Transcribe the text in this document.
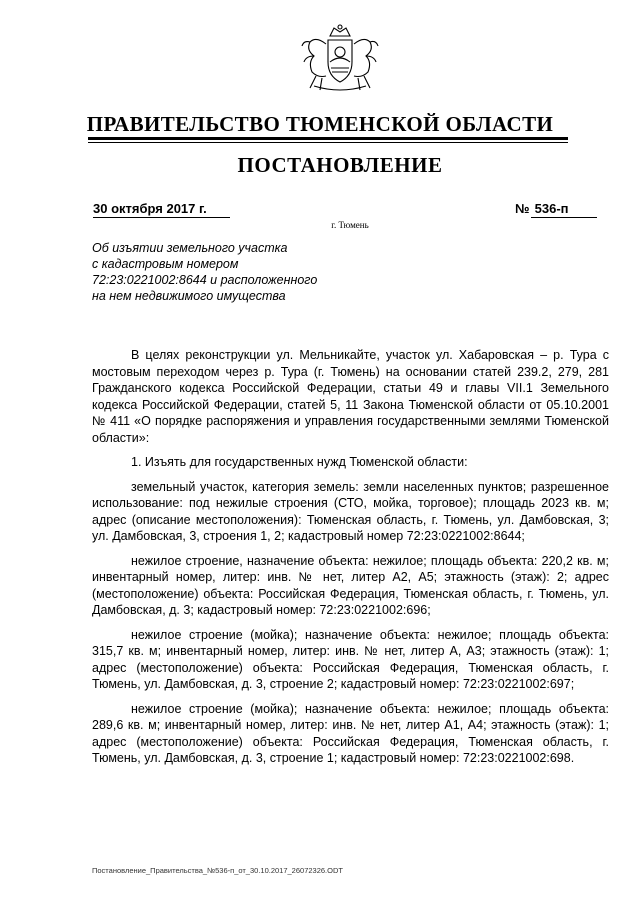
ПРАВИТЕЛЬСТВО ТЮМЕНСКОЙ ОБЛАСТИ
ПОСТАНОВЛЕНИЕ
30 октября 2017 г.	№ 536-п
г. Тюмень
Об изъятии земельного участка
с кадастровым номером
72:23:0221002:8644 и расположенного
на нем недвижимого имущества

В целях реконструкции ул. Мельникайте, участок ул. Хабаровская – р. Тура с мостовым переходом через р. Тура (г. Тюмень) на основании статей 239.2, 279, 281 Гражданского кодекса Российской Федерации, статьи 49 и главы VII.1 Земельного кодекса Российской Федерации, статей 5, 11 Закона Тюменской области от 05.10.2001 № 411 «О порядке распоряжения и управления государственными землями Тюменской области»:

1. Изъять для государственных нужд Тюменской области:

земельный участок, категория земель: земли населенных пунктов; разрешенное использование: под нежилые строения (СТО, мойка, торговое); площадь 2023 кв. м; адрес (описание местоположения): Тюменская область, г. Тюмень, ул. Дамбовская, 3; ул. Дамбовская, 3, строения 1, 2; кадастровый номер 72:23:0221002:8644;

нежилое строение, назначение объекта: нежилое; площадь объекта: 220,2 кв. м; инвентарный номер, литер: инв. № нет, литер А2, А5; этажность (этаж): 2; адрес (местоположение) объекта: Российская Федерация, Тюменская область, г. Тюмень, ул. Дамбовская, д. 3; кадастровый номер: 72:23:0221002:696;

нежилое строение (мойка); назначение объекта: нежилое; площадь объекта: 315,7 кв. м; инвентарный номер, литер: инв. № нет, литер А, А3; этажность (этаж): 1; адрес (местоположение) объекта: Российская Федерация, Тюменская область, г. Тюмень, ул. Дамбовская, д. 3, строение 2; кадастровый номер: 72:23:0221002:697;

нежилое строение (мойка); назначение объекта: нежилое; площадь объекта: 289,6 кв. м; инвентарный номер, литер: инв. № нет, литер А1, А4; этажность (этаж): 1; адрес (местоположение) объекта: Российская Федерация, Тюменская область, г. Тюмень, ул. Дамбовская, д. 3, строение 1; кадастровый номер: 72:23:0221002:698.

Постановление_Правительства_№536-п_от_30.10.2017_26072326.ODT
